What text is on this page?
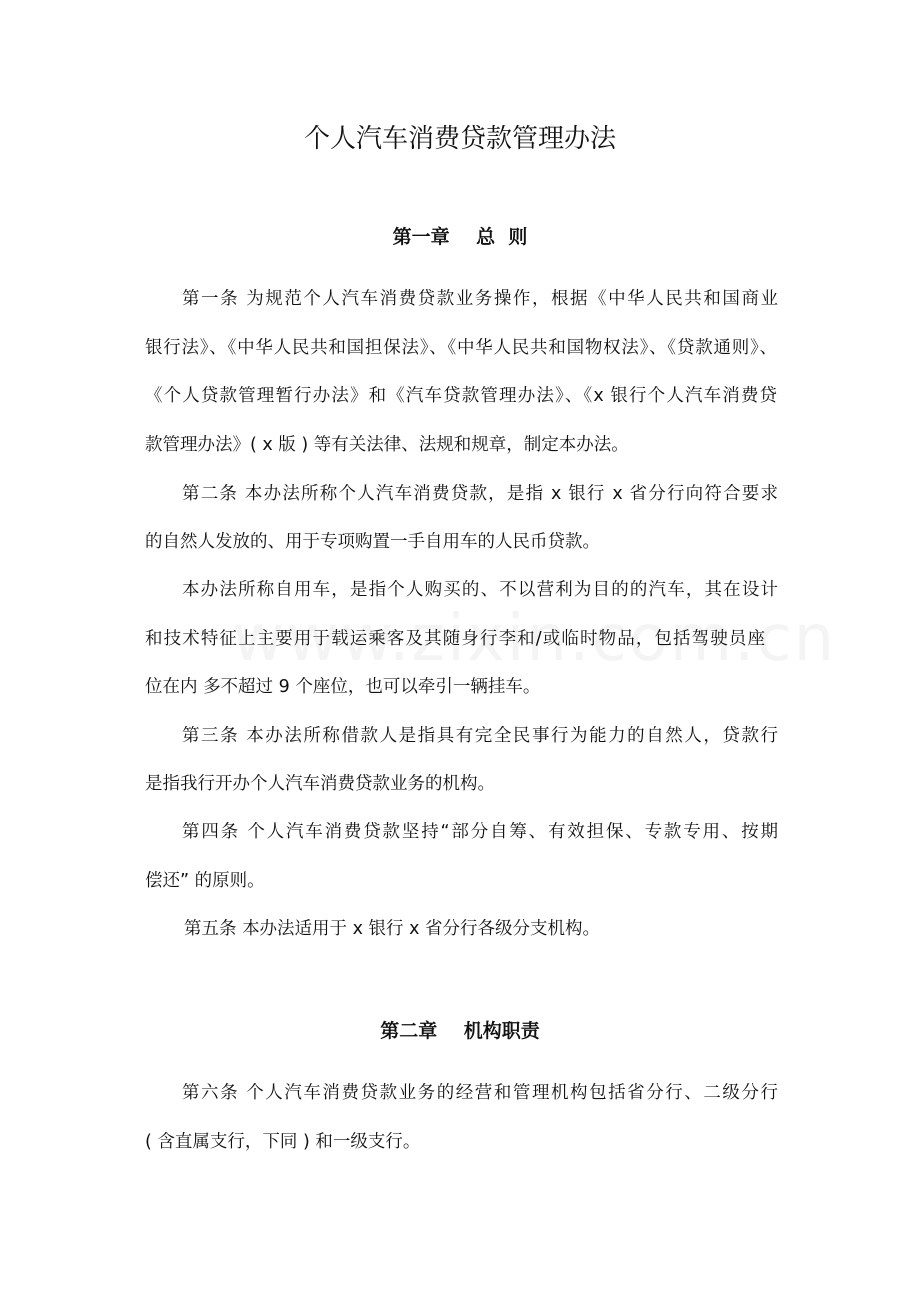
个人汽车消费贷款管理办法
第一章    总  则

第一条 为规范个人汽车消费贷款业务操作，根据《中华人民共和国商业

银行法》、《中华人民共和国担保法》、《中华人民共和国物权法》、《贷款通则》、

《个人贷款管理暂行办法》和《汽车贷款管理办法》、《x 银行个人汽车消费贷

款管理办法》( x 版 ) 等有关法律、法规和规章，制定本办法。

第二条 本办法所称个人汽车消费贷款，是指 x 银行 x 省分行向符合要求

的自然人发放的、用于专项购置一手自用车的人民币贷款。

本办法所称自用车，是指个人购买的、不以营利为目的的汽车，其在设计

和技术特征上主要用于载运乘客及其随身行李和/或临时物品，包括驾驶员座

位在内 多不超过 9 个座位，也可以牵引一辆挂车。

第三条 本办法所称借款人是指具有完全民事行为能力的自然人，贷款行

是指我行开办个人汽车消费贷款业务的机构。

第四条 个人汽车消费贷款坚持“部分自筹、有效担保、专款专用、按期

偿还” 的原则。

第五条 本办法适用于 x 银行 x 省分行各级分支机构。

第二章    机构职责

第六条 个人汽车消费贷款业务的经营和管理机构包括省分行、二级分行

( 含直属支行，下同 ) 和一级支行。
